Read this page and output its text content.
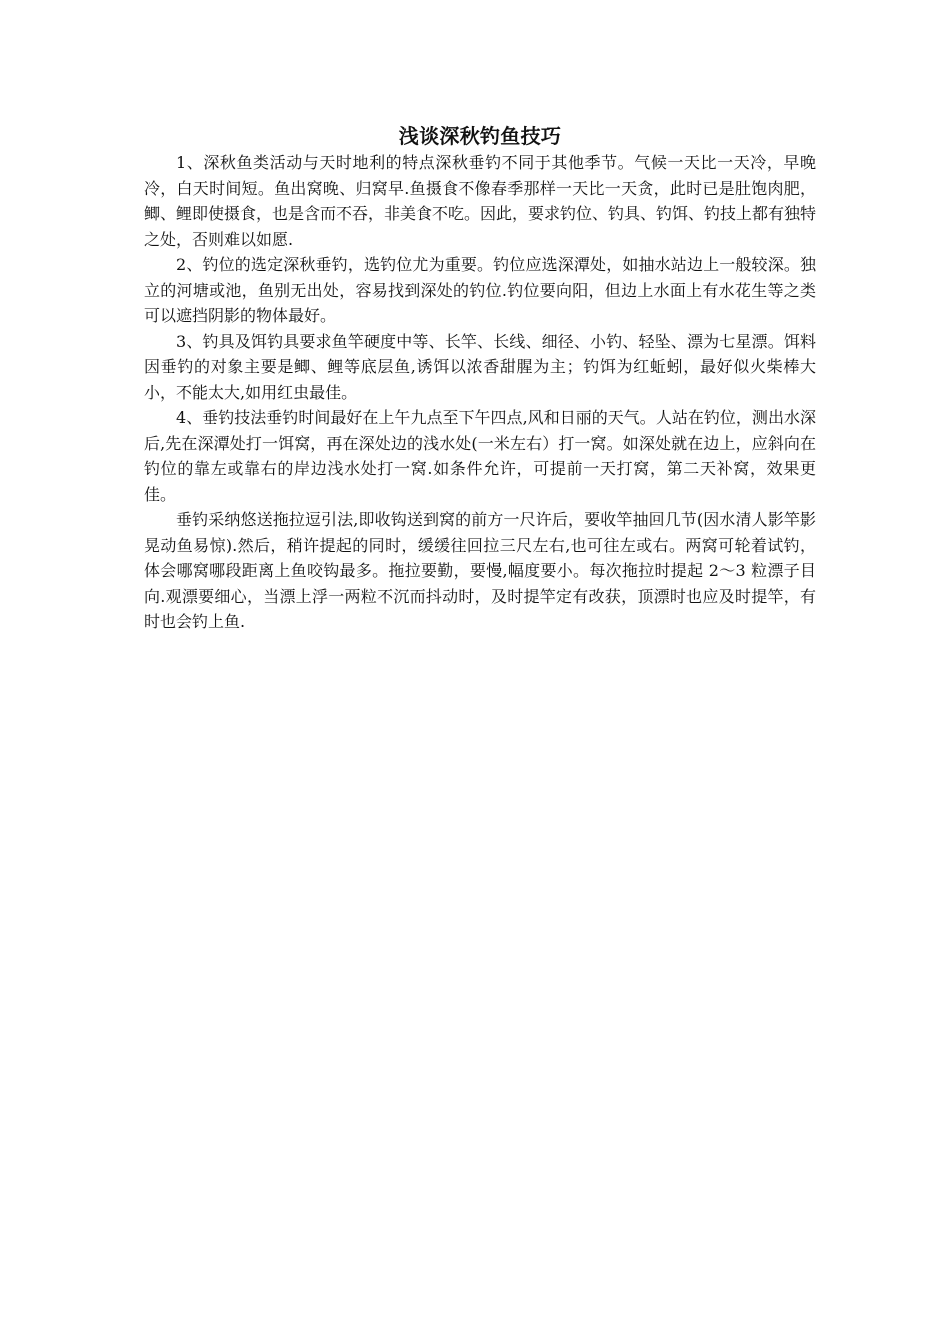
浅谈深秋钓鱼技巧

1、深秋鱼类活动与天时地利的特点深秋垂钓不同于其他季节。气候一天比一天冷，早晚冷，白天时间短。鱼出窝晚、归窝早.鱼摄食不像春季那样一天比一天贪，此时已是肚饱肉肥，鲫、鲤即使摄食，也是含而不吞，非美食不吃。因此，要求钓位、钓具、钓饵、钓技上都有独特之处，否则难以如愿.

2、钓位的选定深秋垂钓，选钓位尤为重要。钓位应选深潭处，如抽水站边上一般较深。独立的河塘或池，鱼别无出处，容易找到深处的钓位.钓位要向阳，但边上水面上有水花生等之类可以遮挡阴影的物体最好。

3、钓具及饵钓具要求鱼竿硬度中等、长竿、长线、细径、小钓、轻坠、漂为七星漂。饵料因垂钓的对象主要是鲫、鲤等底层鱼,诱饵以浓香甜腥为主；钓饵为红蚯蚓，最好似火柴棒大小，不能太大,如用红虫最佳。

4、垂钓技法垂钓时间最好在上午九点至下午四点,风和日丽的天气。人站在钓位，测出水深后,先在深潭处打一饵窝，再在深处边的浅水处(一米左右）打一窝。如深处就在边上，应斜向在钓位的靠左或靠右的岸边浅水处打一窝.如条件允许，可提前一天打窝，第二天补窝，效果更佳。

垂钓采纳悠送拖拉逗引法,即收钩送到窝的前方一尺许后，要收竿抽回几节(因水清人影竿影晃动鱼易惊).然后，稍许提起的同时，缓缓往回拉三尺左右,也可往左或右。两窝可轮着试钓，体会哪窝哪段距离上鱼咬钩最多。拖拉要勤，要慢,幅度要小。每次拖拉时提起 2～3 粒漂子目向.观漂要细心，当漂上浮一两粒不沉而抖动时，及时提竿定有改获，顶漂时也应及时提竿，有时也会钓上鱼.
